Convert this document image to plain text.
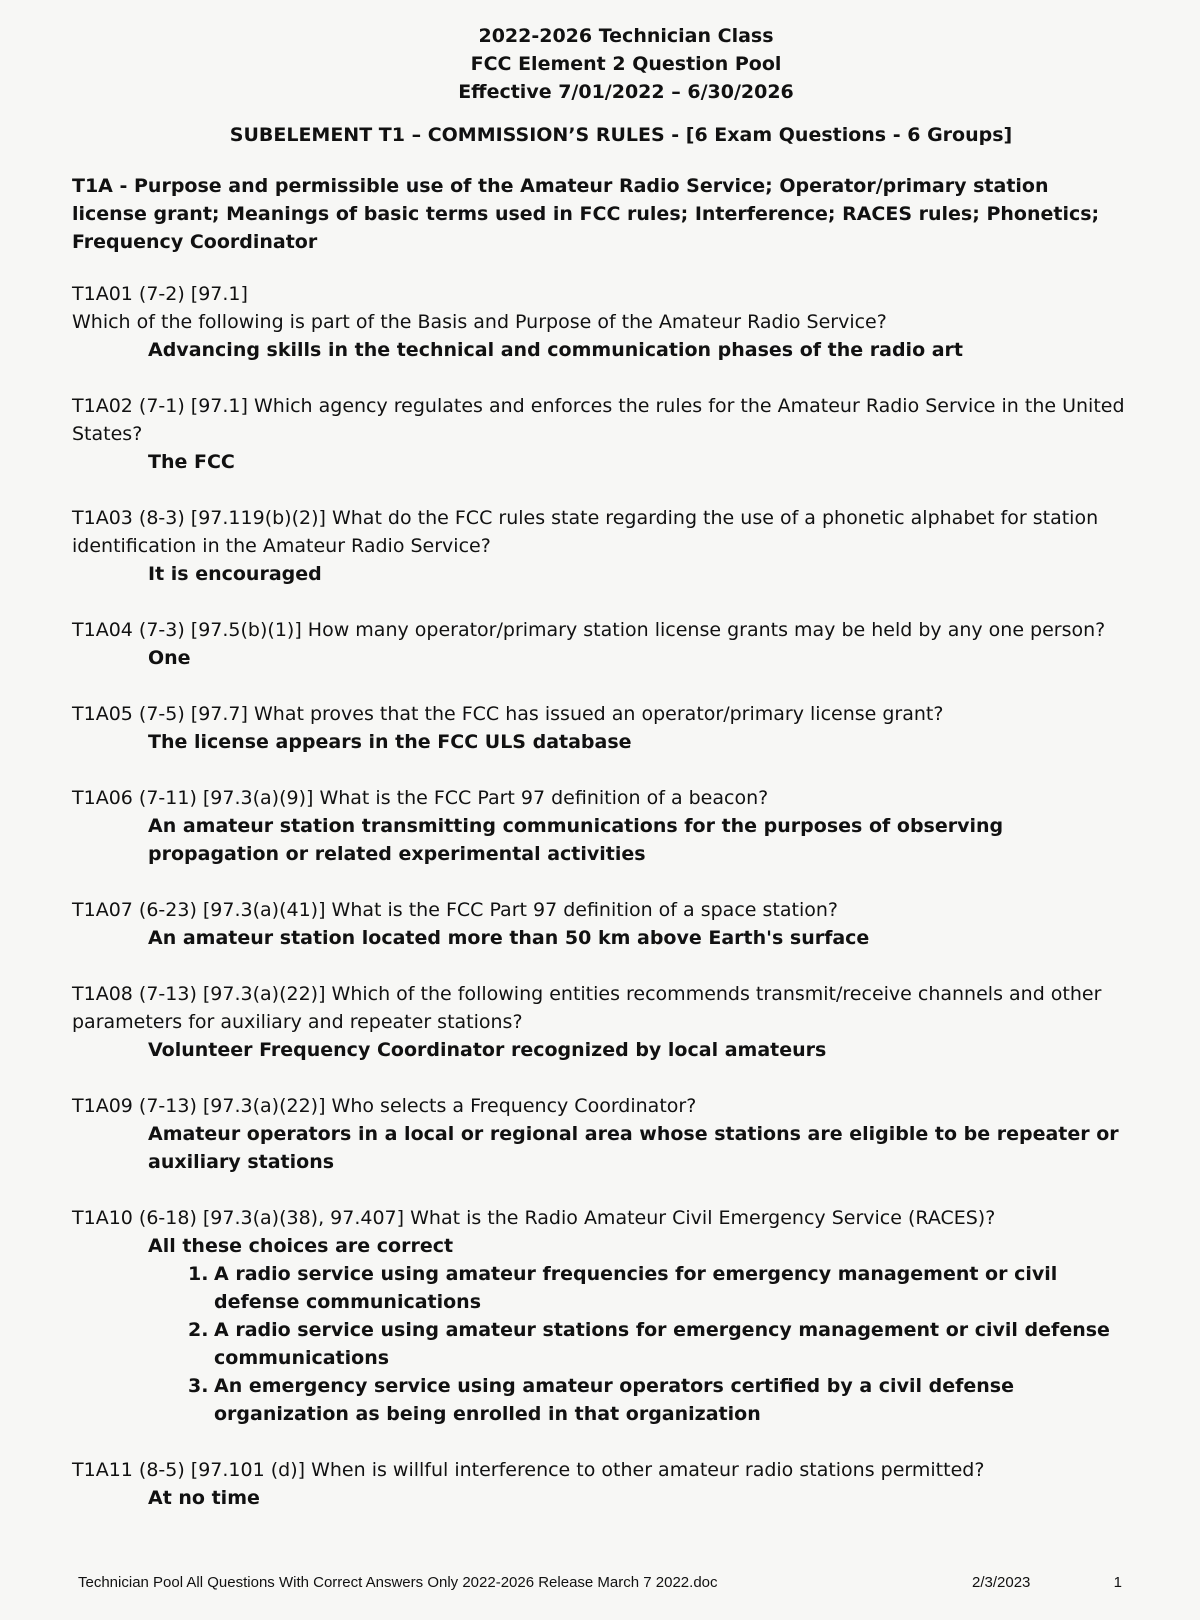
2022-2026 Technician Class
FCC Element 2 Question Pool
Effective 7/01/2022 – 6/30/2026
SUBELEMENT T1 – COMMISSION’S RULES - [6 Exam Questions - 6 Groups]
T1A - Purpose and permissible use of the Amateur Radio Service; Operator/primary station license grant; Meanings of basic terms used in FCC rules; Interference; RACES rules; Phonetics; Frequency Coordinator
T1A01 (7-2) [97.1]
Which of the following is part of the Basis and Purpose of the Amateur Radio Service?
Advancing skills in the technical and communication phases of the radio art
T1A02 (7-1) [97.1] Which agency regulates and enforces the rules for the Amateur Radio Service in the United States?
The FCC
T1A03 (8-3) [97.119(b)(2)] What do the FCC rules state regarding the use of a phonetic alphabet for station identification in the Amateur Radio Service?
It is encouraged
T1A04 (7-3) [97.5(b)(1)] How many operator/primary station license grants may be held by any one person?
One
T1A05 (7-5) [97.7] What proves that the FCC has issued an operator/primary license grant?
The license appears in the FCC ULS database
T1A06 (7-11) [97.3(a)(9)] What is the FCC Part 97 definition of a beacon?
An amateur station transmitting communications for the purposes of observing propagation or related experimental activities
T1A07 (6-23) [97.3(a)(41)] What is the FCC Part 97 definition of a space station?
An amateur station located more than 50 km above Earth's surface
T1A08 (7-13) [97.3(a)(22)] Which of the following entities recommends transmit/receive channels and other parameters for auxiliary and repeater stations?
Volunteer Frequency Coordinator recognized by local amateurs
T1A09 (7-13) [97.3(a)(22)] Who selects a Frequency Coordinator?
Amateur operators in a local or regional area whose stations are eligible to be repeater or auxiliary stations
T1A10 (6-18) [97.3(a)(38), 97.407] What is the Radio Amateur Civil Emergency Service (RACES)?
All these choices are correct
1. A radio service using amateur frequencies for emergency management or civil defense communications
2. A radio service using amateur stations for emergency management or civil defense communications
3. An emergency service using amateur operators certified by a civil defense organization as being enrolled in that organization
T1A11 (8-5) [97.101 (d)] When is willful interference to other amateur radio stations permitted?
At no time
Technician Pool All Questions With Correct Answers Only 2022-2026 Release March 7 2022.doc	2/3/2023	1
